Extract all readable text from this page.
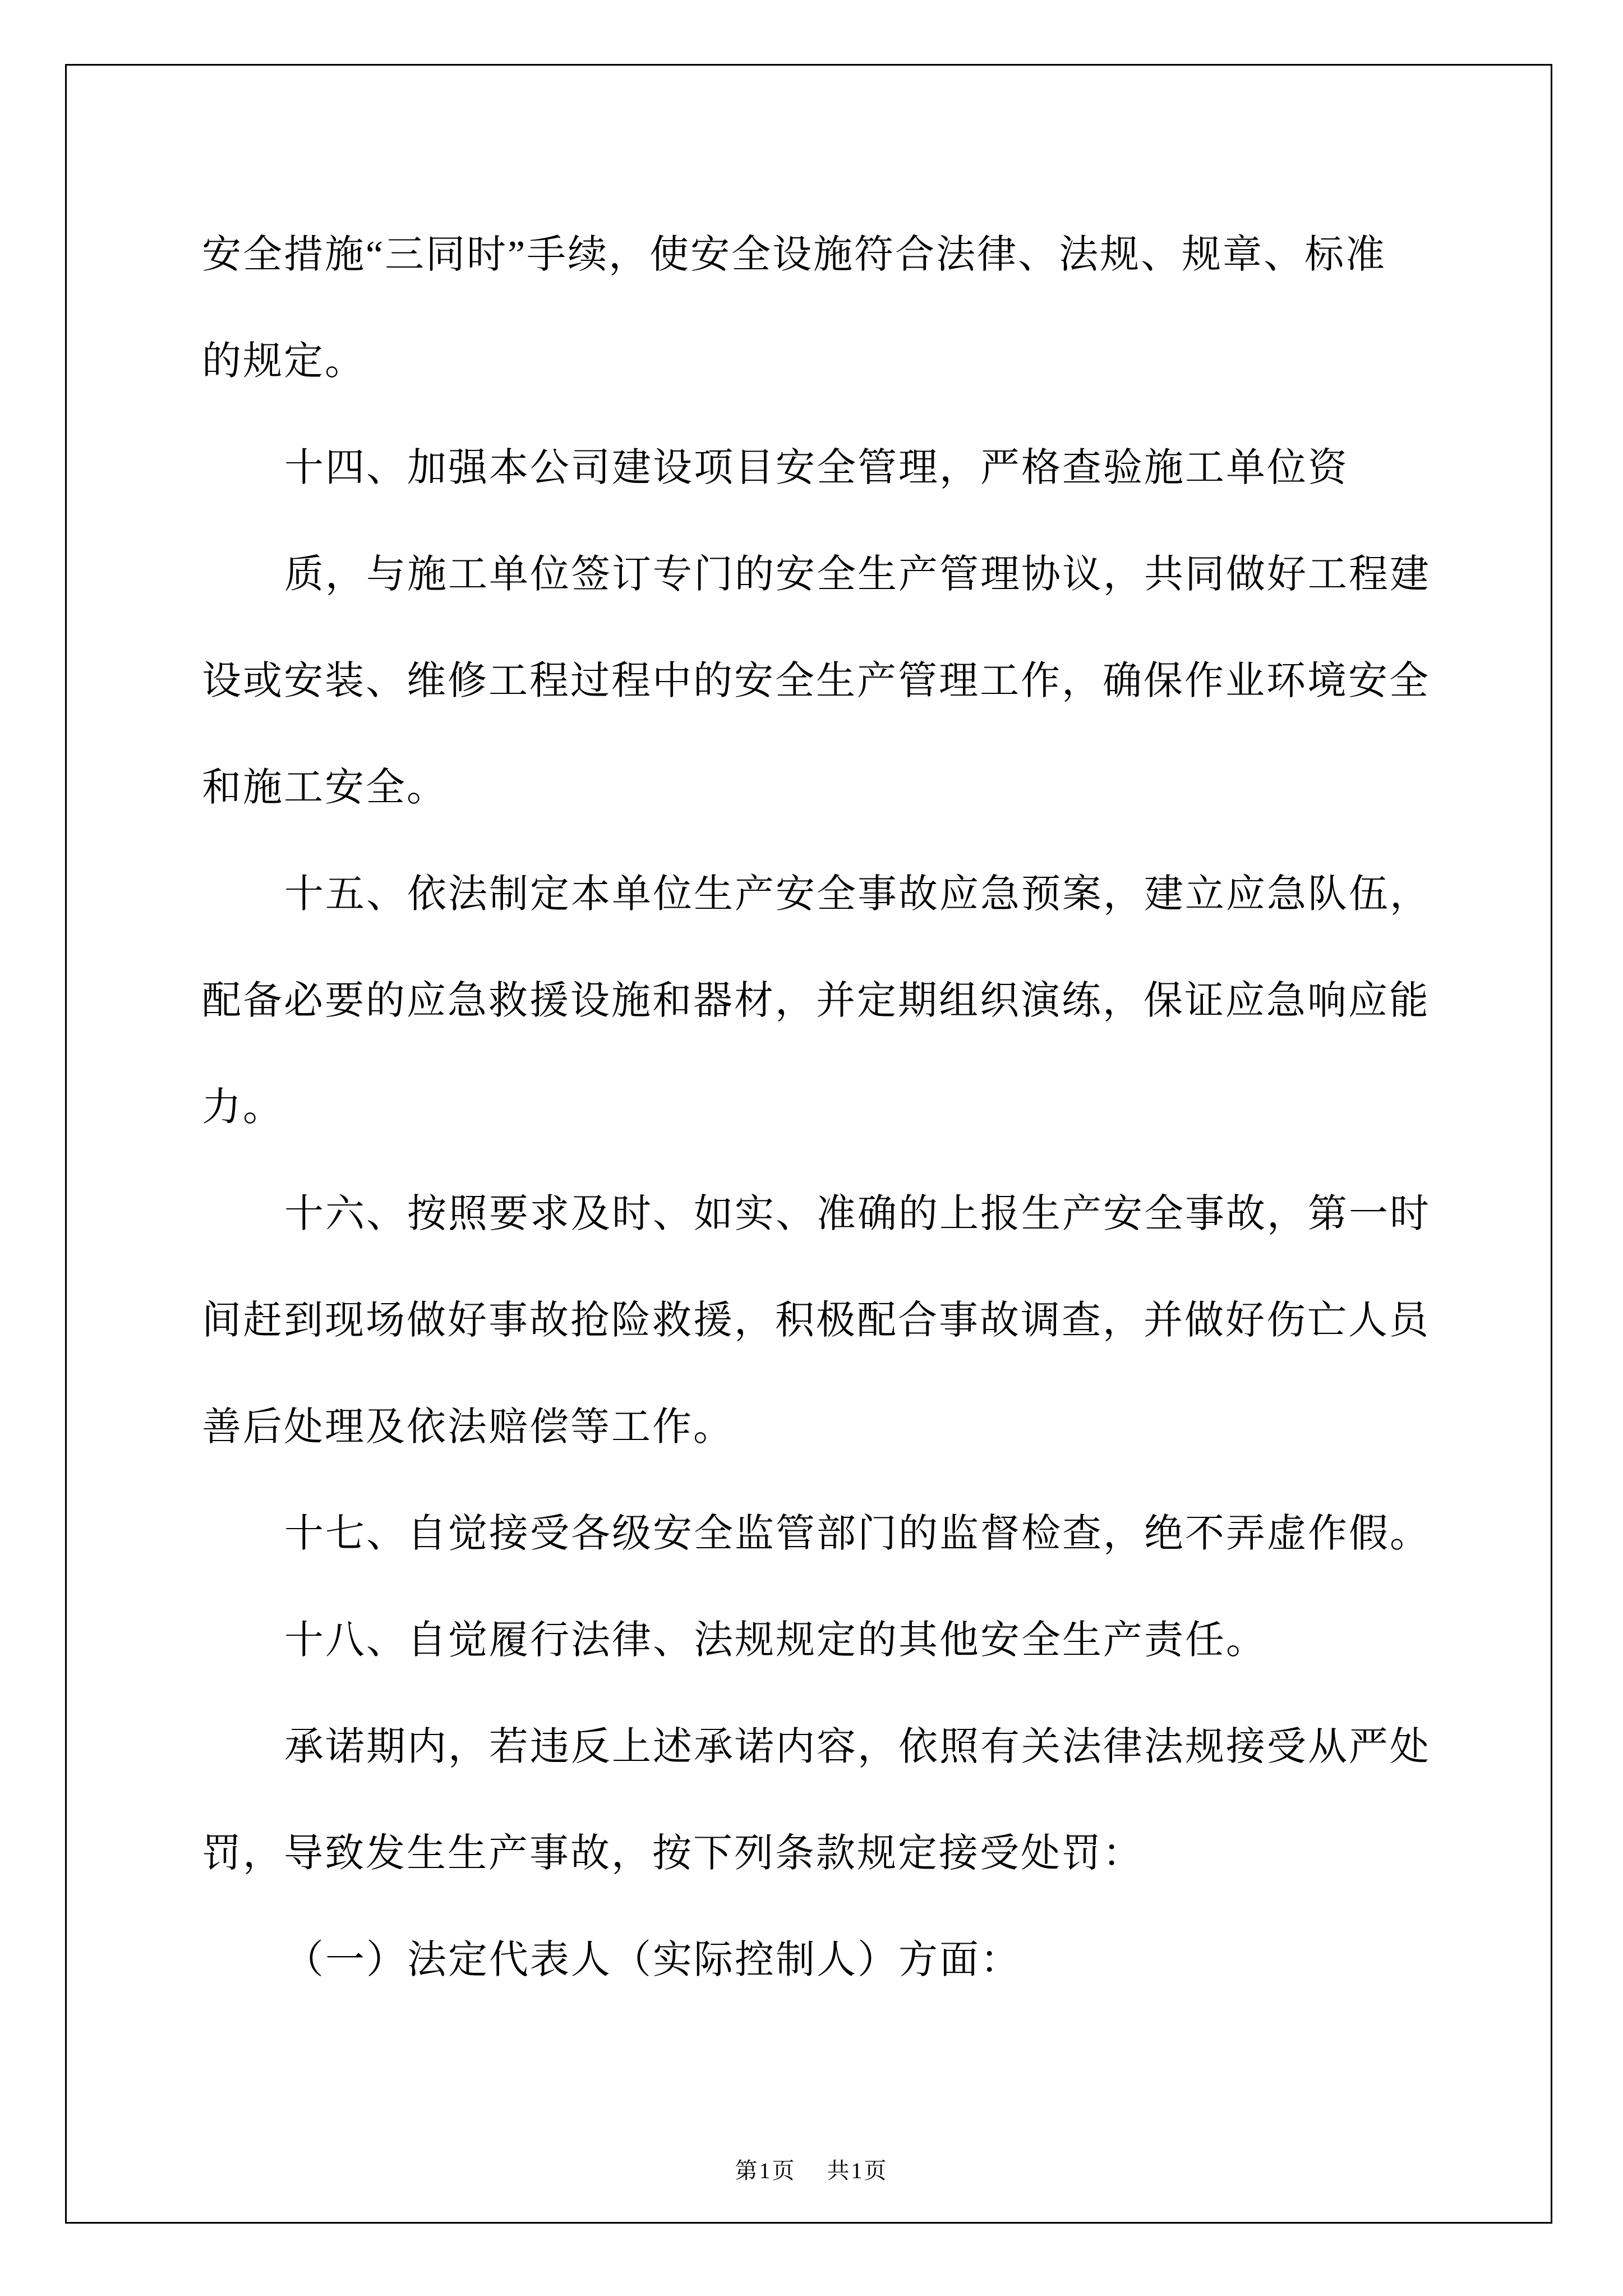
安全措施“三同时”手续，使安全设施符合法律、法规、规章、标准

的规定。

十四、加强本公司建设项目安全管理，严格查验施工单位资

质，与施工单位签订专门的安全生产管理协议，共同做好工程建

设或安装、维修工程过程中的安全生产管理工作，确保作业环境安全

和施工安全。

十五、依法制定本单位生产安全事故应急预案，建立应急队伍，

配备必要的应急救援设施和器材，并定期组织演练，保证应急响应能

力。

十六、按照要求及时、如实、准确的上报生产安全事故，第一时

间赶到现场做好事故抢险救援，积极配合事故调查，并做好伤亡人员

善后处理及依法赔偿等工作。

十七、自觉接受各级安全监管部门的监督检查，绝不弄虚作假。

十八、自觉履行法律、法规规定的其他安全生产责任。

承诺期内，若违反上述承诺内容，依照有关法律法规接受从严处

罚，导致发生生产事故，按下列条款规定接受处罚：

（一）法定代表人（实际控制人）方面：

第1页 共1页
